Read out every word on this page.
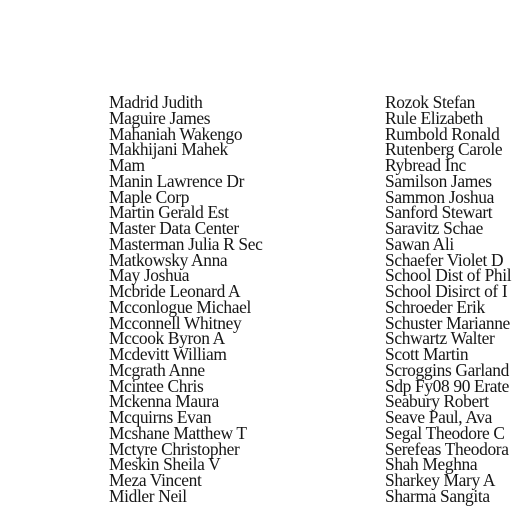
Madrid Judith
Maguire James
Mahaniah Wakengo
Makhijani Mahek
Mam
Manin Lawrence Dr
Maple Corp
Martin Gerald Est
Master Data Center
Masterman Julia R Sec
Matkowsky Anna
May Joshua
Mcbride Leonard A
Mcconlogue Michael
Mcconnell Whitney
Mccook Byron A
Mcdevitt William
Mcgrath Anne
Mcintee Chris
Mckenna Maura
Mcquirns Evan
Mcshane Matthew T
Mctyre Christopher
Meskin Sheila V
Meza Vincent
Midler Neil
Rozok Stefan
Rule Elizabeth
Rumbold Ronald
Rutenberg Carole
Rybread Inc
Samilson James
Sammon Joshua
Sanford Stewart
Saravitz Schae
Sawan Ali
Schaefer Violet D
School Dist of Phil
School Disirct of I
Schroeder Erik
Schuster Marianne
Schwartz Walter
Scott Martin
Scroggins Garland
Sdp Fy08 90 Erate
Seabury Robert
Seave Paul, Ava
Segal Theodore C
Serefeas Theodora
Shah Meghna
Sharkey Mary A
Sharma Sangita
